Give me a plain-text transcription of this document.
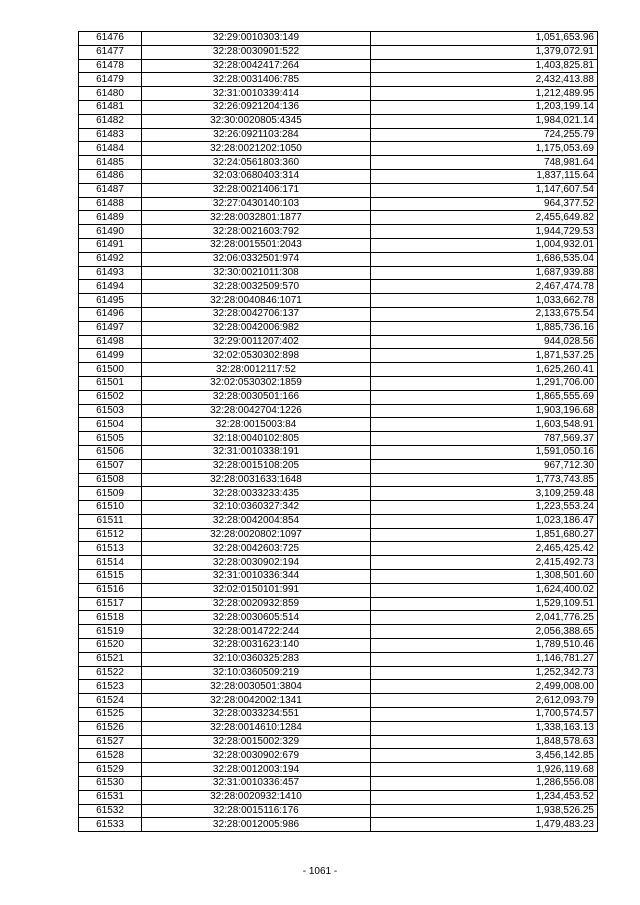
61476	32:29:0010303:149	1,051,653.96
61477	32:28:0030901:522	1,379,072.91
61478	32:28:0042417:264	1,403,825.81
61479	32:28:0031406:785	2,432,413.88
61480	32:31:0010339:414	1,212,489.95
61481	32:26:0921204:136	1,203,199.14
61482	32:30:0020805:4345	1,984,021.14
61483	32:26:0921103:284	724,255.79
61484	32:28:0021202:1050	1,175,053.69
61485	32:24:0561803:360	748,981.64
61486	32:03:0680403:314	1,837,115.64
61487	32:28:0021406:171	1,147,607.54
61488	32:27:0430140:103	964,377.52
61489	32:28:0032801:1877	2,455,649.82
61490	32:28:0021603:792	1,944,729.53
61491	32:28:0015501:2043	1,004,932.01
61492	32:06:0332501:974	1,686,535.04
61493	32:30:0021011:308	1,687,939.88
61494	32:28:0032509:570	2,467,474.78
61495	32:28:0040846:1071	1,033,662.78
61496	32:28:0042706:137	2,133,675.54
61497	32:28:0042006:982	1,885,736.16
61498	32:29:0011207:402	944,028.56
61499	32:02:0530302:898	1,871,537.25
61500	32:28:0012117:52	1,625,260.41
61501	32:02:0530302:1859	1,291,706.00
61502	32:28:0030501:166	1,865,555.69
61503	32:28:0042704:1226	1,903,196.68
61504	32:28:0015003:84	1,603,548.91
61505	32:18:0040102:805	787,569.37
61506	32:31:0010338:191	1,591,050.16
61507	32:28:0015108:205	967,712.30
61508	32:28:0031633:1648	1,773,743.85
61509	32:28:0033233:435	3,109,259.48
61510	32:10:0360327:342	1,223,553.24
61511	32:28:0042004:854	1,023,186.47
61512	32:28:0020802:1097	1,851,680.27
61513	32:28:0042603:725	2,465,425.42
61514	32:28:0030902:194	2,415,492.73
61515	32:31:0010336:344	1,308,501.60
61516	32:02:0150101:991	1,624,400.02
61517	32:28:0020932:859	1,529,109.51
61518	32:28:0030605:514	2,041,776.25
61519	32:28:0014722:244	2,056,388.65
61520	32:28:0031623:140	1,789,510.46
61521	32:10:0360325:283	1,146,781.27
61522	32:10:0360509:219	1,252,342.73
61523	32:28:0030501:3804	2,499,008.00
61524	32:28:0042002:1341	2,612,093.79
61525	32:28:0033234:551	1,700,574.57
61526	32:28:0014610:1284	1,338,163.13
61527	32:28:0015002:329	1,848,578.63
61528	32:28:0030902:679	3,456,142.85
61529	32:28:0012003:194	1,926,119.68
61530	32:31:0010336:457	1,286,556.08
61531	32:28:0020932:1410	1,234,453.52
61532	32:28:0015116:176	1,938,526.25
61533	32:28:0012005:986	1,479,483.23
- 1061 -
